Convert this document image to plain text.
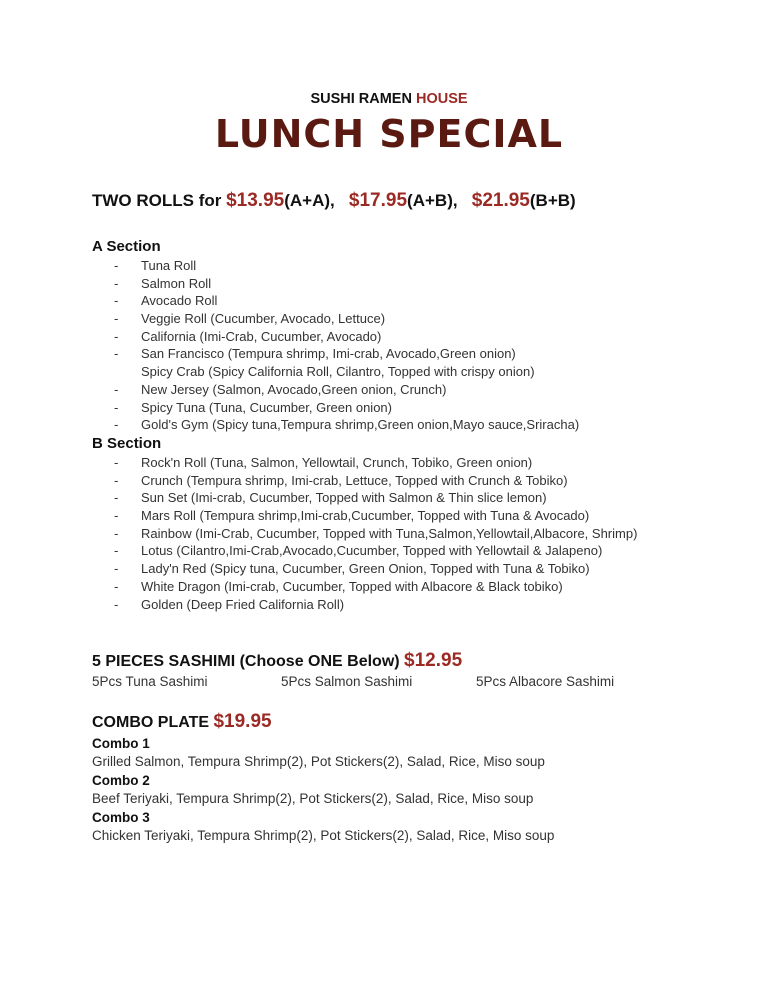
SUSHI RAMEN HOUSE
LUNCH SPECIAL
TWO ROLLS for $13.95(A+A), $17.95(A+B), $21.95(B+B)
A Section
-	Tuna Roll
-	Salmon Roll
-	Avocado Roll
-	Veggie Roll (Cucumber, Avocado, Lettuce)
-	California (Imi-Crab, Cucumber, Avocado)
-	San Francisco (Tempura shrimp, Imi-crab, Avocado,Green onion)
Spicy Crab (Spicy California Roll, Cilantro, Topped with crispy onion)
-	New Jersey (Salmon, Avocado,Green onion, Crunch)
-	Spicy Tuna (Tuna, Cucumber, Green onion)
-	Gold's Gym (Spicy tuna,Tempura shrimp,Green onion,Mayo sauce,Sriracha)
B Section
-	Rock'n Roll (Tuna, Salmon, Yellowtail, Crunch, Tobiko, Green onion)
-	Crunch (Tempura shrimp, Imi-crab, Lettuce, Topped with Crunch & Tobiko)
-	Sun Set (Imi-crab, Cucumber, Topped with Salmon & Thin slice lemon)
-	Mars Roll (Tempura shrimp,Imi-crab,Cucumber, Topped with Tuna & Avocado)
-	Rainbow (Imi-Crab, Cucumber, Topped with Tuna,Salmon,Yellowtail,Albacore, Shrimp)
-	Lotus (Cilantro,Imi-Crab,Avocado,Cucumber, Topped with Yellowtail & Jalapeno)
-	Lady'n Red (Spicy tuna, Cucumber, Green Onion, Topped with Tuna & Tobiko)
-	White Dragon (Imi-crab, Cucumber, Topped with Albacore & Black tobiko)
-	Golden (Deep Fried California Roll)
5 PIECES SASHIMI (Choose ONE Below) $12.95
5Pcs Tuna Sashimi	5Pcs Salmon Sashimi	5Pcs Albacore Sashimi
COMBO PLATE $19.95
Combo 1
Grilled Salmon, Tempura Shrimp(2), Pot Stickers(2), Salad, Rice, Miso soup
Combo 2
Beef Teriyaki, Tempura Shrimp(2), Pot Stickers(2), Salad, Rice, Miso soup
Combo 3
Chicken Teriyaki, Tempura Shrimp(2), Pot Stickers(2), Salad, Rice, Miso soup
